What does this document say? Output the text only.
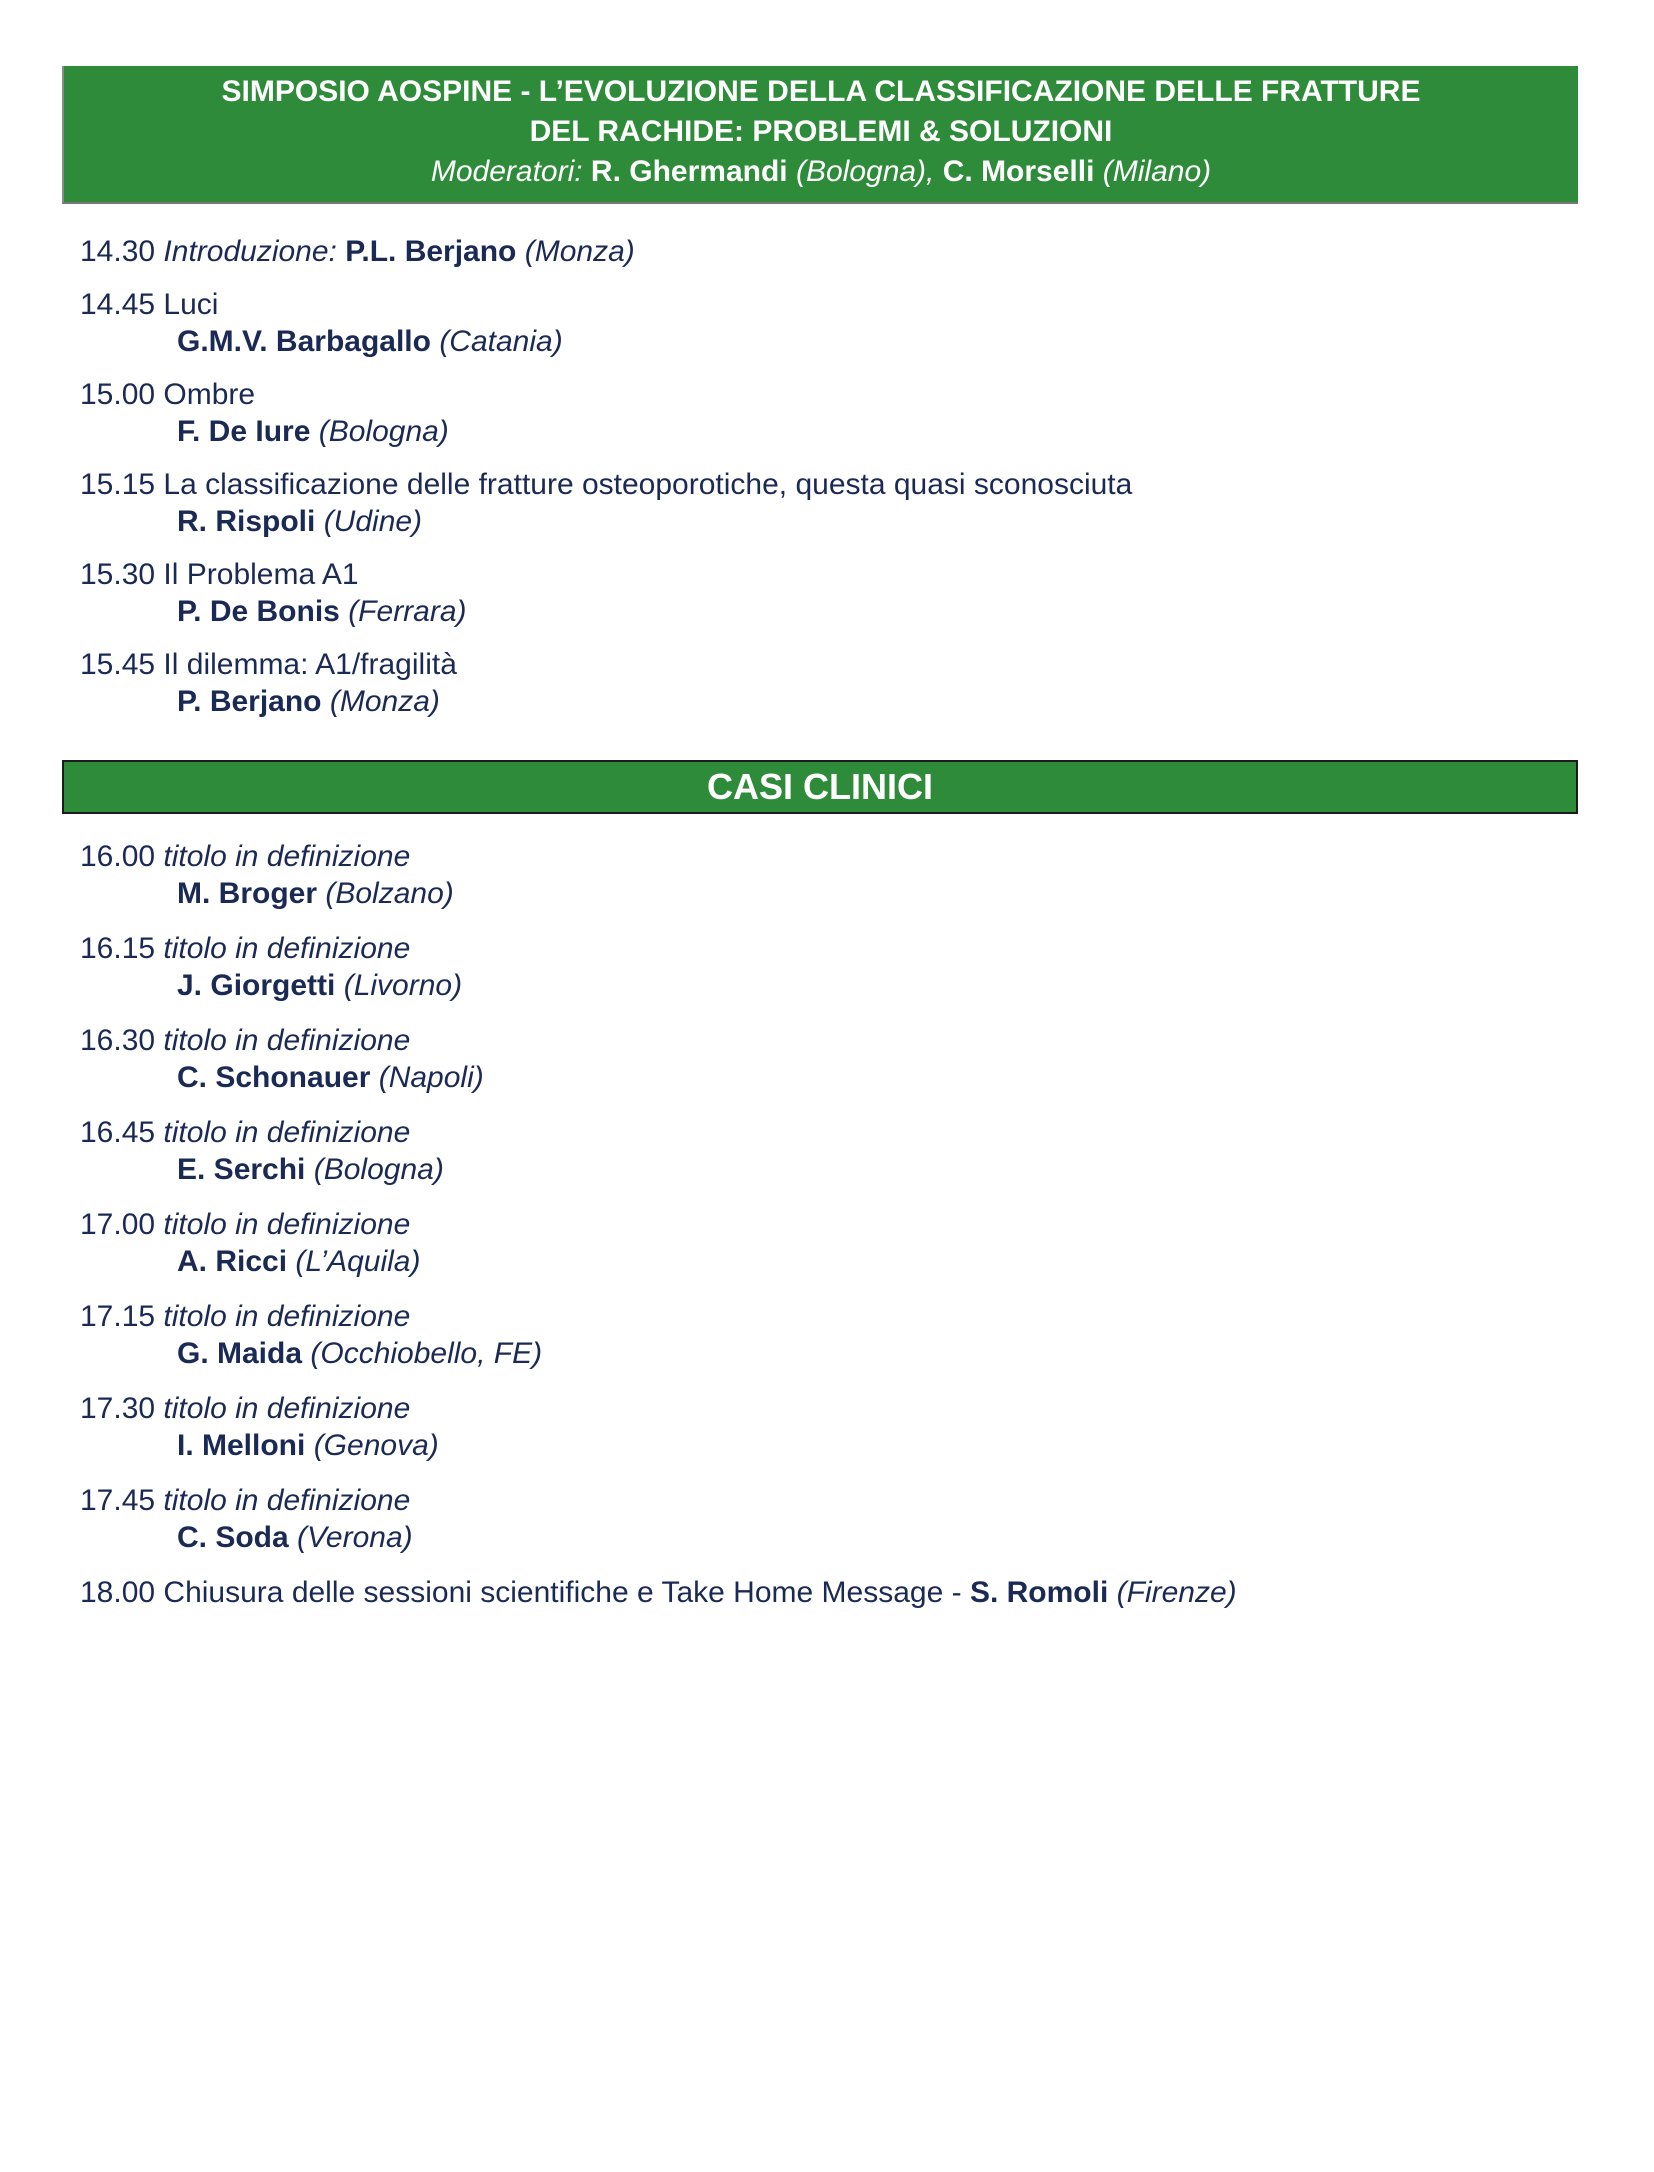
SIMPOSIO AOSPINE - L’EVOLUZIONE DELLA CLASSIFICAZIONE DELLE FRATTURE
DEL RACHIDE: PROBLEMI & SOLUZIONI
Moderatori: R. Ghermandi (Bologna), C. Morselli (Milano)
14.30 Introduzione: P.L. Berjano (Monza)
14.45 Luci
G.M.V. Barbagallo (Catania)
15.00 Ombre
F. De Iure (Bologna)
15.15 La classificazione delle fratture osteoporotiche, questa quasi sconosciuta
R. Rispoli (Udine)
15.30 Il Problema A1
P. De Bonis (Ferrara)
15.45 Il dilemma: A1/fragilità
P. Berjano (Monza)
CASI CLINICI
16.00 titolo in definizione
M. Broger (Bolzano)
16.15 titolo in definizione
J. Giorgetti (Livorno)
16.30 titolo in definizione
C. Schonauer (Napoli)
16.45 titolo in definizione
E. Serchi (Bologna)
17.00 titolo in definizione
A. Ricci (L’Aquila)
17.15 titolo in definizione
G. Maida (Occhiobello, FE)
17.30 titolo in definizione
I. Melloni (Genova)
17.45 titolo in definizione
C. Soda (Verona)
18.00 Chiusura delle sessioni scientifiche e Take Home Message - S. Romoli (Firenze)
